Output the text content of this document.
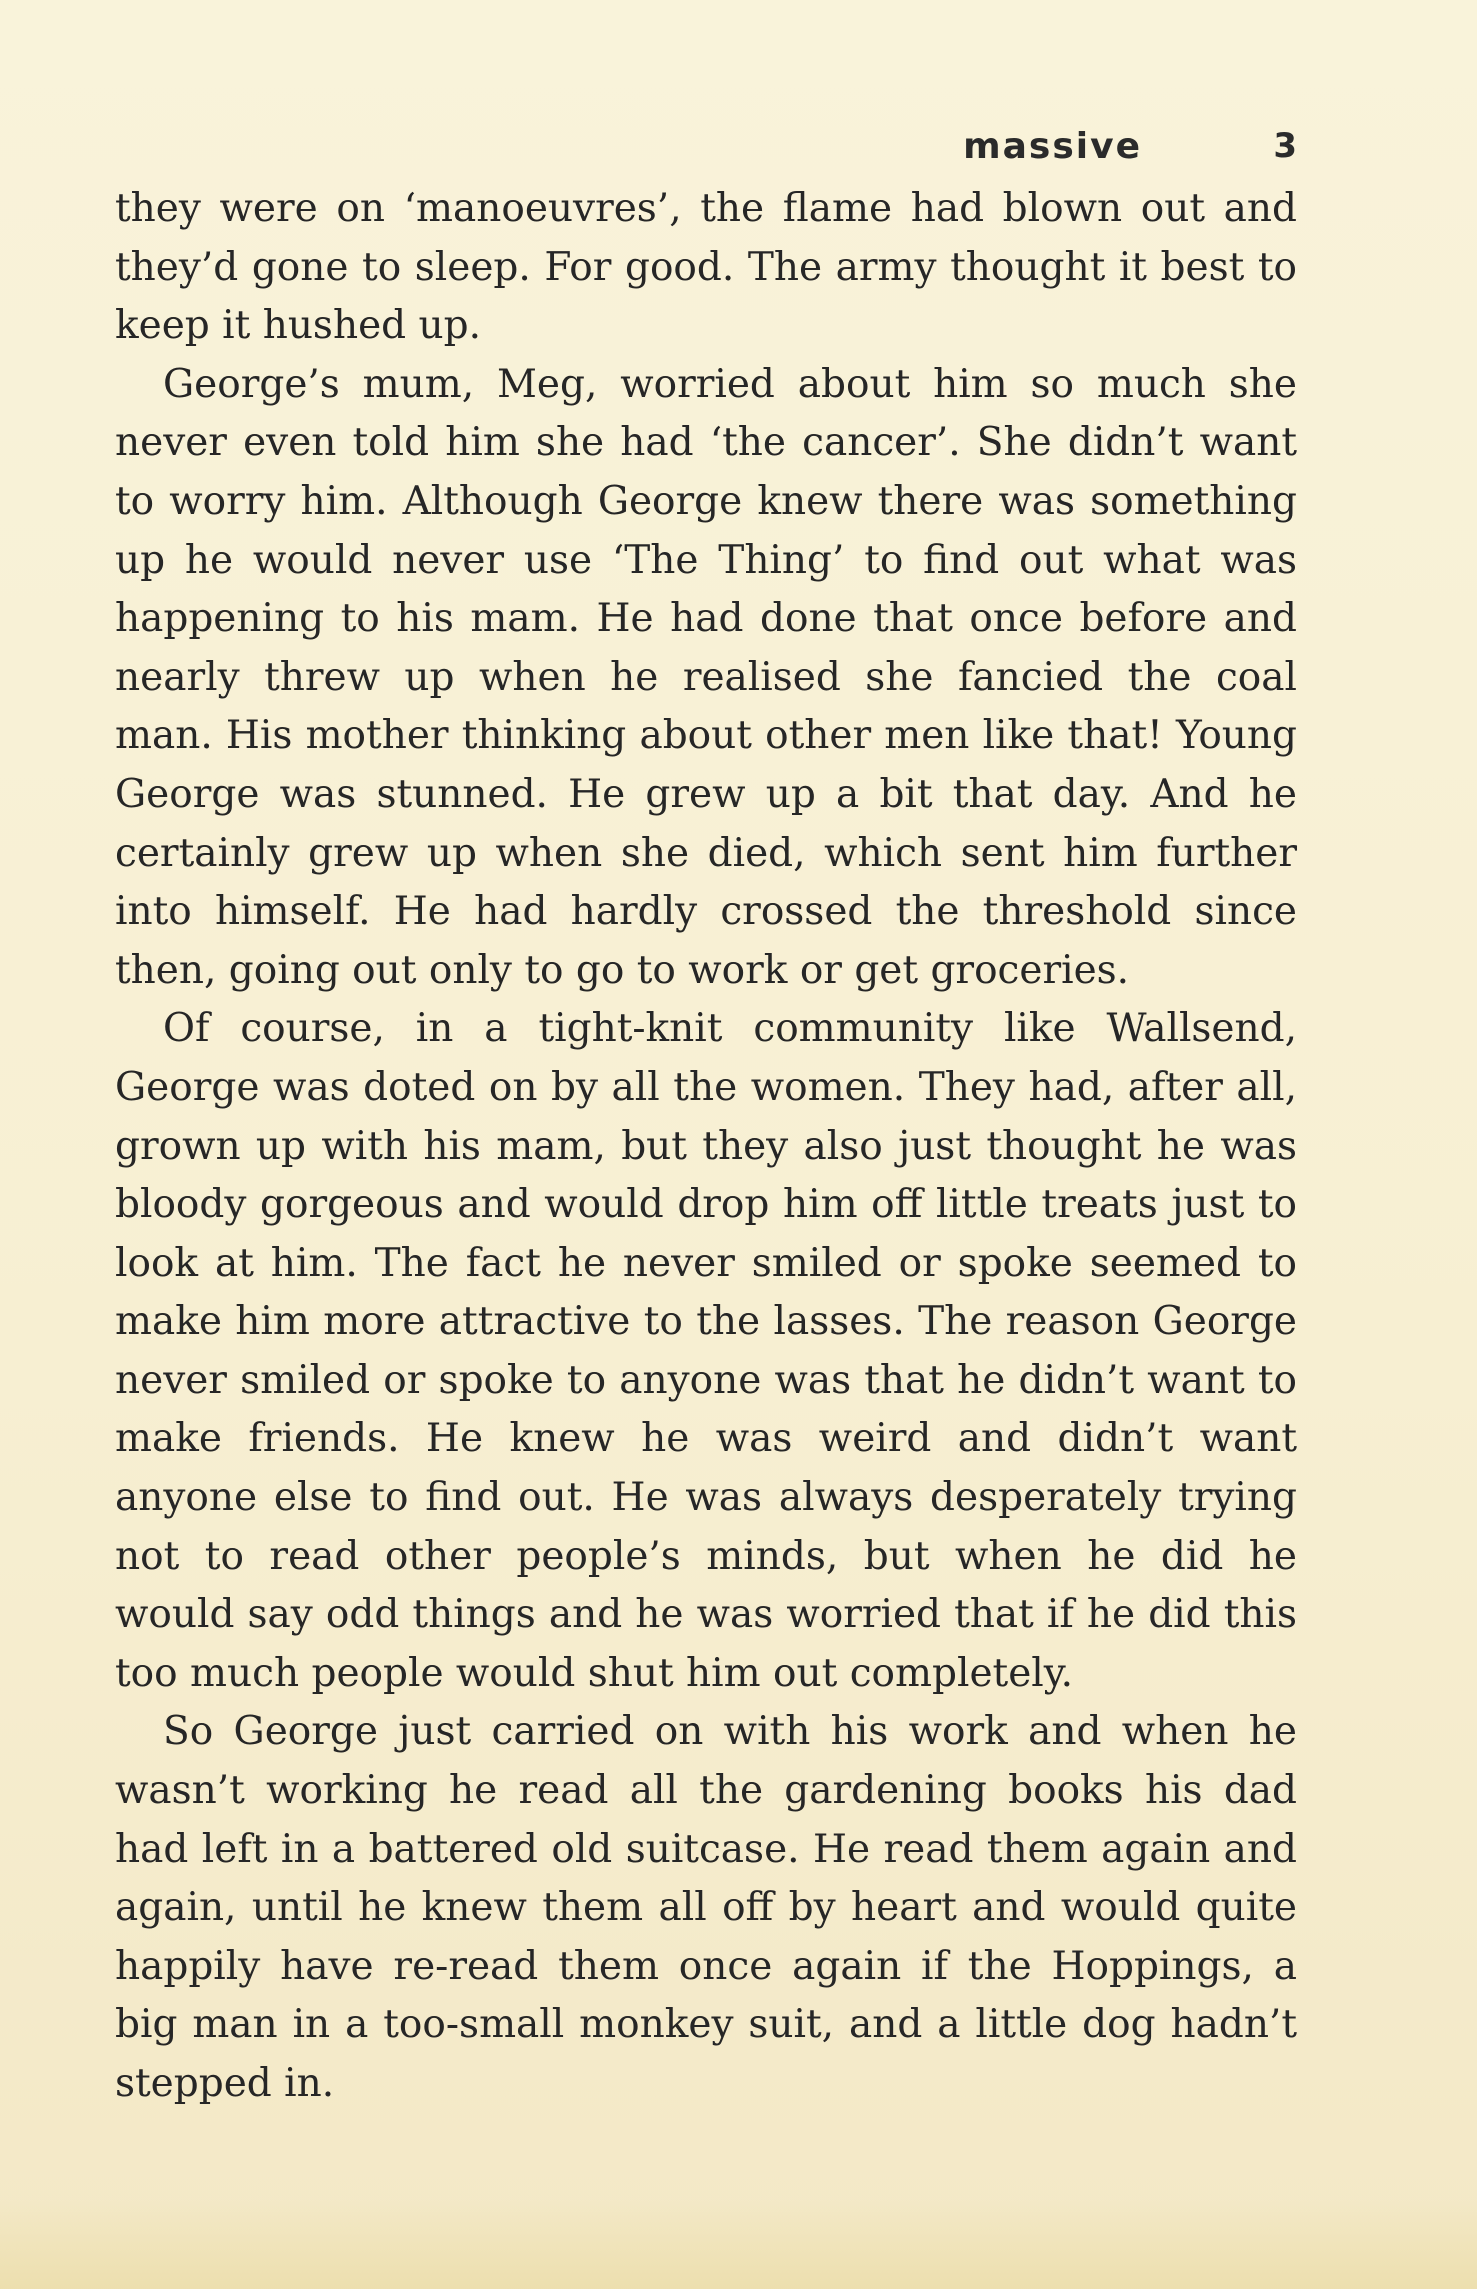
massive	3

they were on ‘manoeuvres’, the flame had blown out and they’d gone to sleep. For good. The army thought it best to keep it hushed up.

George’s mum, Meg, worried about him so much she never even told him she had ‘the cancer’. She didn’t want to worry him. Although George knew there was something up he would never use ‘The Thing’ to find out what was happening to his mam. He had done that once before and nearly threw up when he realised she fancied the coal man. His mother thinking about other men like that! Young George was stunned. He grew up a bit that day. And he certainly grew up when she died, which sent him further into himself. He had hardly crossed the threshold since then, going out only to go to work or get groceries.

Of course, in a tight-knit community like Wallsend, George was doted on by all the women. They had, after all, grown up with his mam, but they also just thought he was bloody gorgeous and would drop him off little treats just to look at him. The fact he never smiled or spoke seemed to make him more attractive to the lasses. The reason George never smiled or spoke to anyone was that he didn’t want to make friends. He knew he was weird and didn’t want anyone else to find out. He was always desperately trying not to read other people’s minds, but when he did he would say odd things and he was worried that if he did this too much people would shut him out completely.

So George just carried on with his work and when he wasn’t working he read all the gardening books his dad had left in a battered old suitcase. He read them again and again, until he knew them all off by heart and would quite happily have re-read them once again if the Hoppings, a big man in a too-small monkey suit, and a little dog hadn’t stepped in.
